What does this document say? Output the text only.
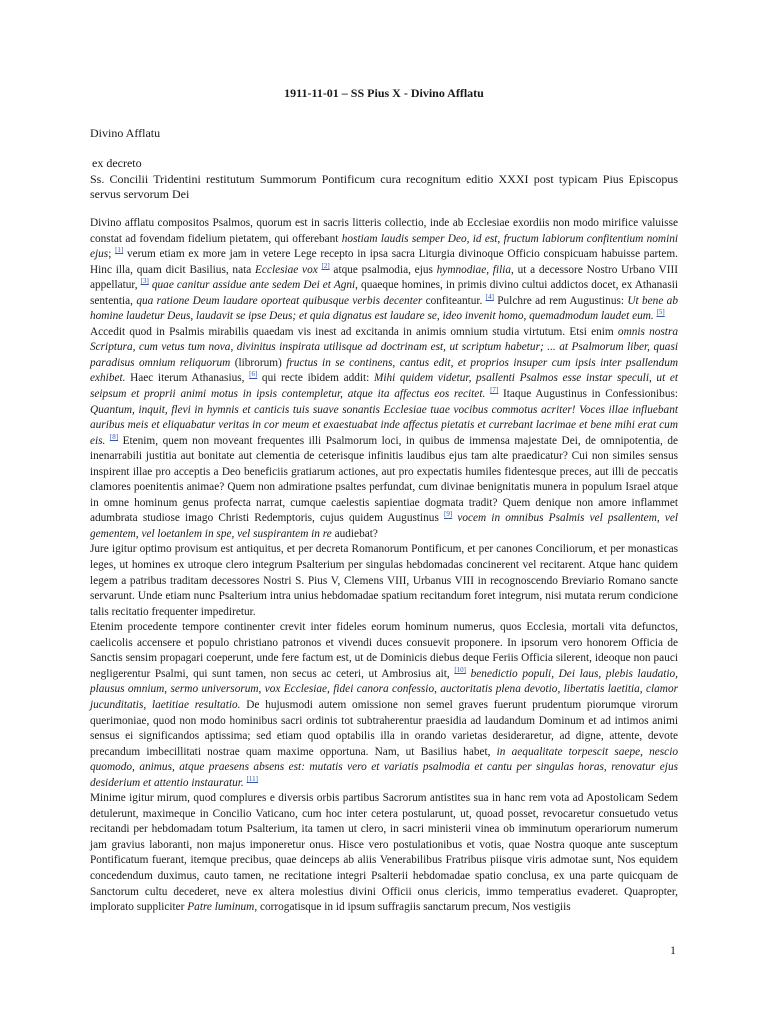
1911-11-01 – SS Pius X - Divino Afflatu
Divino Afflatu
ex decreto
Ss. Concilii Tridentini restitutum Summorum Pontificum cura recognitum editio XXXI post typicam Pius Episcopus servus servorum Dei

Divino afflatu compositos Psalmos, quorum est in sacris litteris collectio, inde ab Ecclesiae exordiis non modo mirifice valuisse constat ad fovendam fidelium pietatem, qui offerebant hostiam laudis semper Deo, id est, fructum labiorum confitentium nomini ejus; [1] verum etiam ex more jam in vetere Lege recepto in ipsa sacra Liturgia divinoque Officio conspicuam habuisse partem. Hinc illa, quam dicit Basilius, nata Ecclesiae vox [2] atque psalmodia, ejus hymnodiae, filia, ut a decessore Nostro Urbano VIII appellatur, [3] quae canitur assidue ante sedem Dei et Agni, quaeque homines, in primis divino cultui addictos docet, ex Athanasii sententia, qua ratione Deum laudare oporteat quibusque verbis decenter confiteantur. [4] Pulchre ad rem Augustinus: Ut bene ab homine laudetur Deus, laudavit se ipse Deus; et quia dignatus est laudare se, ideo invenit homo, quemadmodum laudet eum. [5]

Accedit quod in Psalmis mirabilis quaedam vis inest ad excitanda in animis omnium studia virtutum. Etsi enim omnis nostra Scriptura, cum vetus tum nova, divinitus inspirata utilisque ad doctrinam est, ut scriptum habetur; ... at Psalmorum liber, quasi paradisus omnium reliquorum (librorum) fructus in se continens, cantus edit, et proprios insuper cum ipsis inter psallendum exhibet. Haec iterum Athanasius, [6] qui recte ibidem addit: Mihi quidem videtur, psallenti Psalmos esse instar speculi, ut et seipsum et proprii animi motus in ipsis contempletur, atque ita affectus eos recitet. [7] Itaque Augustinus in Confessionibus: Quantum, inquit, flevi in hymnis et canticis tuis suave sonantis Ecclesiae tuae vocibus commotus acriter! Voces illae influebant auribus meis et eliquabatur veritas in cor meum et exaestuabat inde affectus pietatis et currebant lacrimae et bene mihi erat cum eis. [8] Etenim, quem non moveant frequentes illi Psalmorum loci, in quibus de immensa majestate Dei, de omnipotentia, de inenarrabili justitia aut bonitate aut clementia de ceterisque infinitis laudibus ejus tam alte praedicatur? Cui non similes sensus inspirent illae pro acceptis a Deo beneficiis gratiarum actiones, aut pro expectatis humiles fidentesque preces, aut illi de peccatis clamores poenitentis animae? Quem non admiratione psaltes perfundat, cum divinae benignitatis munera in populum Israel atque in omne hominum genus profecta narrat, cumque caelestis sapientiae dogmata tradit? Quem denique non amore inflammet adumbrata studiose imago Christi Redemptoris, cujus quidem Augustinus [9] vocem in omnibus Psalmis vel psallentem, vel gementem, vel loetanlem in spe, vel suspirantem in re audiebat?

Jure igitur optimo provisum est antiquitus, et per decreta Romanorum Pontificum, et per canones Conciliorum, et per monasticas leges, ut homines ex utroque clero integrum Psalterium per singulas hebdomadas concinerent vel recitarent. Atque hanc quidem legem a patribus traditam decessores Nostri S. Pius V, Clemens VIII, Urbanus VIII in recognoscendo Breviario Romano sancte servarunt. Unde etiam nunc Psalterium intra unius hebdomadae spatium recitandum foret integrum, nisi mutata rerum condicione talis recitatio frequenter impediretur.

Etenim procedente tempore continenter crevit inter fideles eorum hominum numerus, quos Ecclesia, mortali vita defunctos, caelicolis accensere et populo christiano patronos et vivendi duces consuevit proponere. In ipsorum vero honorem Officia de Sanctis sensim propagari coeperunt, unde fere factum est, ut de Dominicis diebus deque Feriis Officia silerent, ideoque non pauci negligerentur Psalmi, qui sunt tamen, non secus ac ceteri, ut Ambrosius ait, [10] benedictio populi, Dei laus, plebis laudatio, plausus omnium, sermo universorum, vox Ecclesiae, fidei canora confessio, auctoritatis plena devotio, libertatis laetitia, clamor jucunditatis, laetitiae resultatio. De hujusmodi autem omissione non semel graves fuerunt prudentum piorumque virorum querimoniae, quod non modo hominibus sacri ordinis tot subtraherentur praesidia ad laudandum Dominum et ad intimos animi sensus ei significandos aptissima; sed etiam quod optabilis illa in orando varietas desideraretur, ad digne, attente, devote precandum imbecillitati nostrae quam maxime opportuna. Nam, ut Basilius habet, in aequalitate torpescit saepe, nescio quomodo, animus, atque praesens absens est: mutatis vero et variatis psalmodia et cantu per singulas horas, renovatur ejus desiderium et attentio instauratur. [11]

Minime igitur mirum, quod complures e diversis orbis partibus Sacrorum antistites sua in hanc rem vota ad Apostolicam Sedem detulerunt, maximeque in Concilio Vaticano, cum hoc inter cetera postularunt, ut, quoad posset, revocaretur consuetudo vetus recitandi per hebdomadam totum Psalterium, ita tamen ut clero, in sacri ministerii vinea ob imminutum operariorum numerum jam gravius laboranti, non majus imponeretur onus. Hisce vero postulationibus et votis, quae Nostra quoque ante susceptum Pontificatum fuerant, itemque precibus, quae deinceps ab aliis Venerabilibus Fratribus piisque viris admotae sunt, Nos equidem concedendum duximus, cauto tamen, ne recitatione integri Psalterii hebdomadae spatio conclusa, ex una parte quicquam de Sanctorum cultu decederet, neve ex altera molestius divini Officii onus clericis, immo temperatius evaderet. Quapropter, implorato suppliciter Patre luminum, corrogatisque in id ipsum suffragiis sanctarum precum, Nos vestigiis

1
